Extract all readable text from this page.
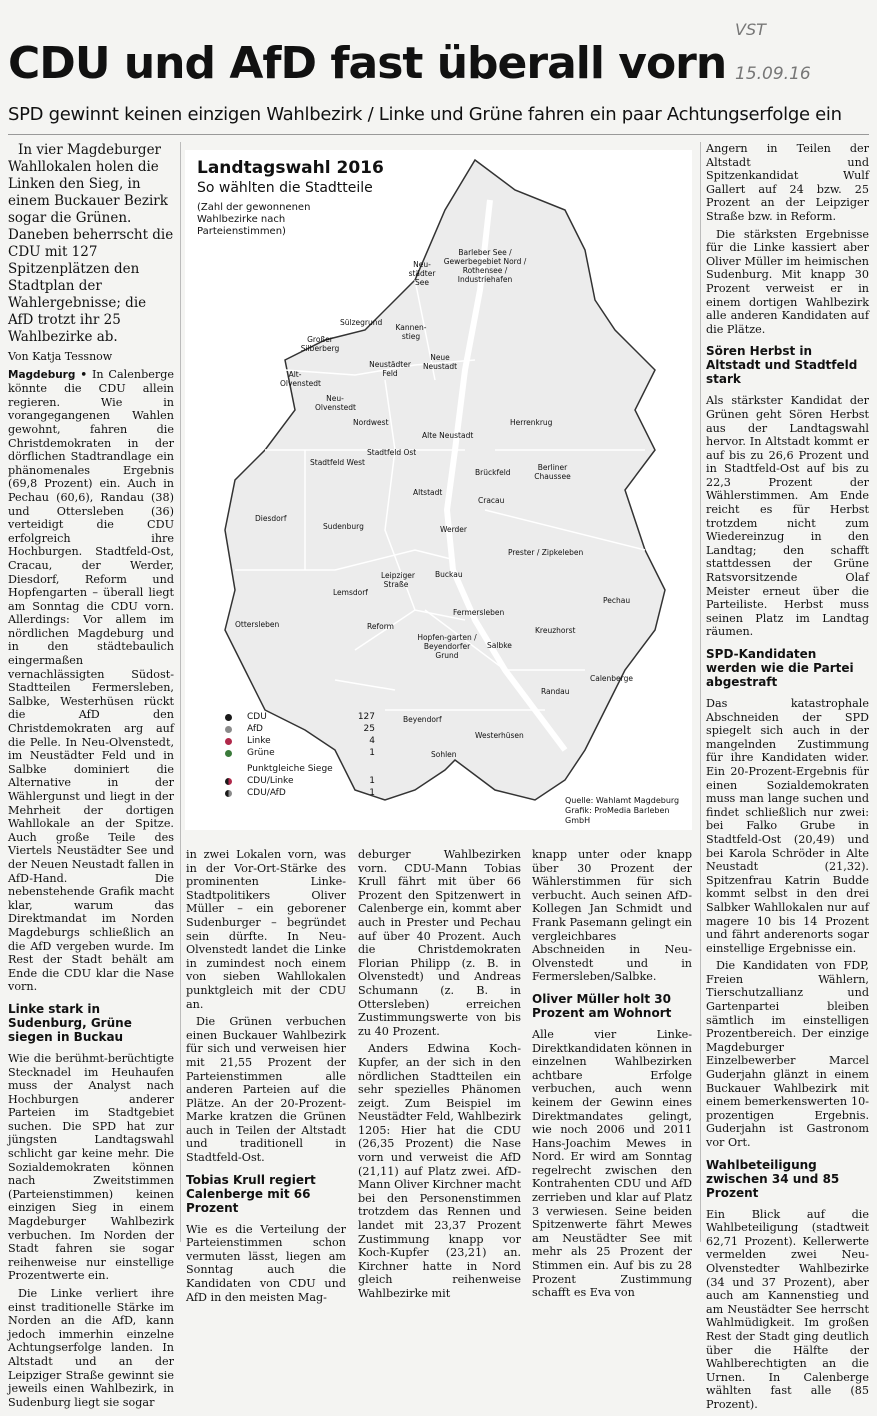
CDU und AfD fast überall vorn
VST
15.09.16
SPD gewinnt keinen einzigen Wahlbezirk / Linke und Grüne fahren ein paar Achtungserfolge ein

In vier Magdeburger Wahllokalen holen die Linken den Sieg, in einem Buckauer Bezirk sogar die Grünen. Daneben beherrscht die CDU mit 127 Spitzenplätzen den Stadtplan der Wahlergebnisse; die AfD trotzt ihr 25 Wahlbezirke ab.

Von Katja Tessnow

Magdeburg • In Calenberge könnte die CDU allein regieren. Wie in vorangegangenen Wahlen gewohnt, fahren die Christdemokraten in der dörflichen Stadtrandlage ein phänomenales Ergebnis (69,8 Prozent) ein. Auch in Pechau (60,6), Randau (38) und Ottersleben (36) verteidigt die CDU erfolgreich ihre Hochburgen. Stadtfeld-Ost, Cracau, der Werder, Diesdorf, Reform und Hopfengarten – überall liegt am Sonntag die CDU vorn. Allerdings: Vor allem im nördlichen Magdeburg und in den städtebaulich eingermaßen vernachlässigten Südost-Stadtteilen Fermersleben, Salbke, Westerhüsen rückt die AfD den Christdemokraten arg auf die Pelle. In Neu-Olvenstedt, im Neustädter Feld und in Salbke dominiert die Alternative in der Wählergunst und liegt in der Mehrheit der dortigen Wahllokale an der Spitze. Auch große Teile des Viertels Neustädter See und der Neuen Neustadt fallen in AfD-Hand. Die nebenstehende Grafik macht klar, warum das Direktmandat im Norden Magdeburgs schließlich an die AfD vergeben wurde. Im Rest der Stadt behält am Ende die CDU klar die Nase vorn.

Linke stark in Sudenburg, Grüne siegen in Buckau

Wie die berühmt-berüchtigte Stecknadel im Heuhaufen muss der Analyst nach Hochburgen anderer Parteien im Stadtgebiet suchen. Die SPD hat zur jüngsten Landtagswahl schlicht gar keine mehr. Die Sozialdemokraten können nach Zweitstimmen (Parteienstimmen) keinen einzigen Sieg in einem Magdeburger Wahlbezirk verbuchen. Im Norden der Stadt fahren sie sogar reihenweise nur einstellige Prozentwerte ein.

Die Linke verliert ihre einst traditionelle Stärke im Norden an die AfD, kann jedoch immerhin einzelne Achtungserfolge landen. In Altstadt und an der Leipziger Straße gewinnt sie jeweils einen Wahlbezirk, in Sudenburg liegt sie sogar

Landtagswahl 2016
So wählten die Stadtteile
(Zahl der gewonnenen Wahlbezirke nach Parteienstimmen)
Barleber See / Gewerbegebiet Nord / Rothensee / Industriehafen
Neu-städter See
Sülzegrund
Kannen-stieg
Großer Silberberg
Neue Neustadt
Neustädter Feld
Alt-Olvenstedt
Neu-Olvenstedt
Nordwest
Alte Neustadt
Herrenkrug
Stadtfeld West
Stadtfeld Ost
Altstadt
Brückfeld
Berliner Chaussee
Diesdorf
Cracau
Werder
Sudenburg
Leipziger Straße
Buckau
Prester / Zipkeleben
Lemsdorf
Pechau
Ottersleben	Reform
Fermersleben
Hopfen-garten / Beyendorfer Grund
Salbke
Kreuzhorst
Randau
Calenberge
Beyendorf
Westerhüsen
Sohlen
CDU	127
AfD	25
Linke	4
Grüne	1
Punktgleiche Siege
CDU/Linke	1
CDU/AfD	1
Quelle: Wahlamt Magdeburg
Grafik: ProMedia Barleben GmbH

in zwei Lokalen vorn, was in der Vor-Ort-Stärke des prominenten Linke-Stadtpolitikers Oliver Müller – ein geborener Sudenburger – begründet sein dürfte. In Neu-Olvenstedt landet die Linke in zumindest noch einem von sieben Wahllokalen punktgleich mit der CDU an.

Die Grünen verbuchen einen Buckauer Wahlbezirk für sich und verweisen hier mit 21,55 Prozent der Parteienstimmen alle anderen Parteien auf die Plätze. An der 20-Prozent-Marke kratzen die Grünen auch in Teilen der Altstadt und traditionell in Stadtfeld-Ost.

Tobias Krull regiert Calenberge mit 66 Prozent

Wie es die Verteilung der Parteienstimmen schon vermuten lässt, liegen am Sonntag auch die Kandidaten von CDU und AfD in den meisten Mag-

deburger Wahlbezirken vorn. CDU-Mann Tobias Krull fährt mit über 66 Prozent den Spitzenwert in Calenberge ein, kommt aber auch in Prester und Pechau auf über 40 Prozent. Auch die Christdemokraten Florian Philipp (z. B. in Olvenstedt) und Andreas Schumann (z. B. in Ottersleben) erreichen Zustimmungswerte von bis zu 40 Prozent.

Anders Edwina Koch-Kupfer, an der sich in den nördlichen Stadtteilen ein sehr spezielles Phänomen zeigt. Zum Beispiel im Neustädter Feld, Wahlbezirk 1205: Hier hat die CDU (26,35 Prozent) die Nase vorn und verweist die AfD (21,11) auf Platz zwei. AfD-Mann Oliver Kirchner macht bei den Personenstimmen trotzdem das Rennen und landet mit 23,37 Prozent Zustimmung knapp vor Koch-Kupfer (23,21) an. Kirchner hatte in Nord gleich reihenweise Wahlbezirke mit

knapp unter oder knapp über 30 Prozent der Wählerstimmen für sich verbucht. Auch seinen AfD-Kollegen Jan Schmidt und Frank Pasemann gelingt ein vergleichbares Abschneiden in Neu-Olvenstedt und in Fermersleben/Salbke.

Oliver Müller holt 30 Prozent am Wohnort

Alle vier Linke-Direktkandidaten können in einzelnen Wahlbezirken achtbare Erfolge verbuchen, auch wenn keinem der Gewinn eines Direktmandates gelingt, wie noch 2006 und 2011 Hans-Joachim Mewes in Nord. Er wird am Sonntag regelrecht zwischen den Kontrahenten CDU und AfD zerrieben und klar auf Platz 3 verwiesen. Seine beiden Spitzenwerte fährt Mewes am Neustädter See mit mehr als 25 Prozent der Stimmen ein. Auf bis zu 28 Prozent Zustimmung schafft es Eva von

Angern in Teilen der Altstadt und Spitzenkandidat Wulf Gallert auf 24 bzw. 25 Prozent an der Leipziger Straße bzw. in Reform.

Die stärksten Ergebnisse für die Linke kassiert aber Oliver Müller im heimischen Sudenburg. Mit knapp 30 Prozent verweist er in einem dortigen Wahlbezirk alle anderen Kandidaten auf die Plätze.

Sören Herbst in Altstadt und Stadtfeld stark

Als stärkster Kandidat der Grünen geht Sören Herbst aus der Landtagswahl hervor. In Altstadt kommt er auf bis zu 26,6 Prozent und in Stadtfeld-Ost auf bis zu 22,3 Prozent der Wählerstimmen. Am Ende reicht es für Herbst trotzdem nicht zum Wiedereinzug in den Landtag; den schafft stattdessen der Grüne Ratsvorsitzende Olaf Meister erneut über die Parteiliste. Herbst muss seinen Platz im Landtag räumen.

SPD-Kandidaten werden wie die Partei abgestraft

Das katastrophale Abschneiden der SPD spiegelt sich auch in der mangelnden Zustimmung für ihre Kandidaten wider. Ein 20-Prozent-Ergebnis für einen Sozialdemokraten muss man lange suchen und findet schließlich nur zwei: bei Falko Grube in Stadtfeld-Ost (20,49) und bei Karola Schröder in Alte Neustadt (21,32). Spitzenfrau Katrin Budde kommt selbst in den drei Salbker Wahllokalen nur auf magere 10 bis 14 Prozent und fährt anderenorts sogar einstellige Ergebnisse ein.

Die Kandidaten von FDP, Freien Wählern, Tierschutzallianz und Gartenpartei bleiben sämtlich im einstelligen Prozentbereich. Der einzige Magdeburger Einzelbewerber Marcel Guderjahn glänzt in einem Buckauer Wahlbezirk mit einem bemerkenswerten 10-prozentigen Ergebnis. Guderjahn ist Gastronom vor Ort.

Wahlbeteiligung zwischen 34 und 85 Prozent

Ein Blick auf die Wahlbeteiligung (stadtweit 62,71 Prozent). Kellerwerte vermelden zwei Neu-Olvenstedter Wahlbezirke (34 und 37 Prozent), aber auch am Kannenstieg und am Neustädter See herrscht Wahlmüdigkeit. Im großen Rest der Stadt ging deutlich über die Hälfte der Wahlberechtigten an die Urnen. In Calenberge wählten fast alle (85 Prozent).
